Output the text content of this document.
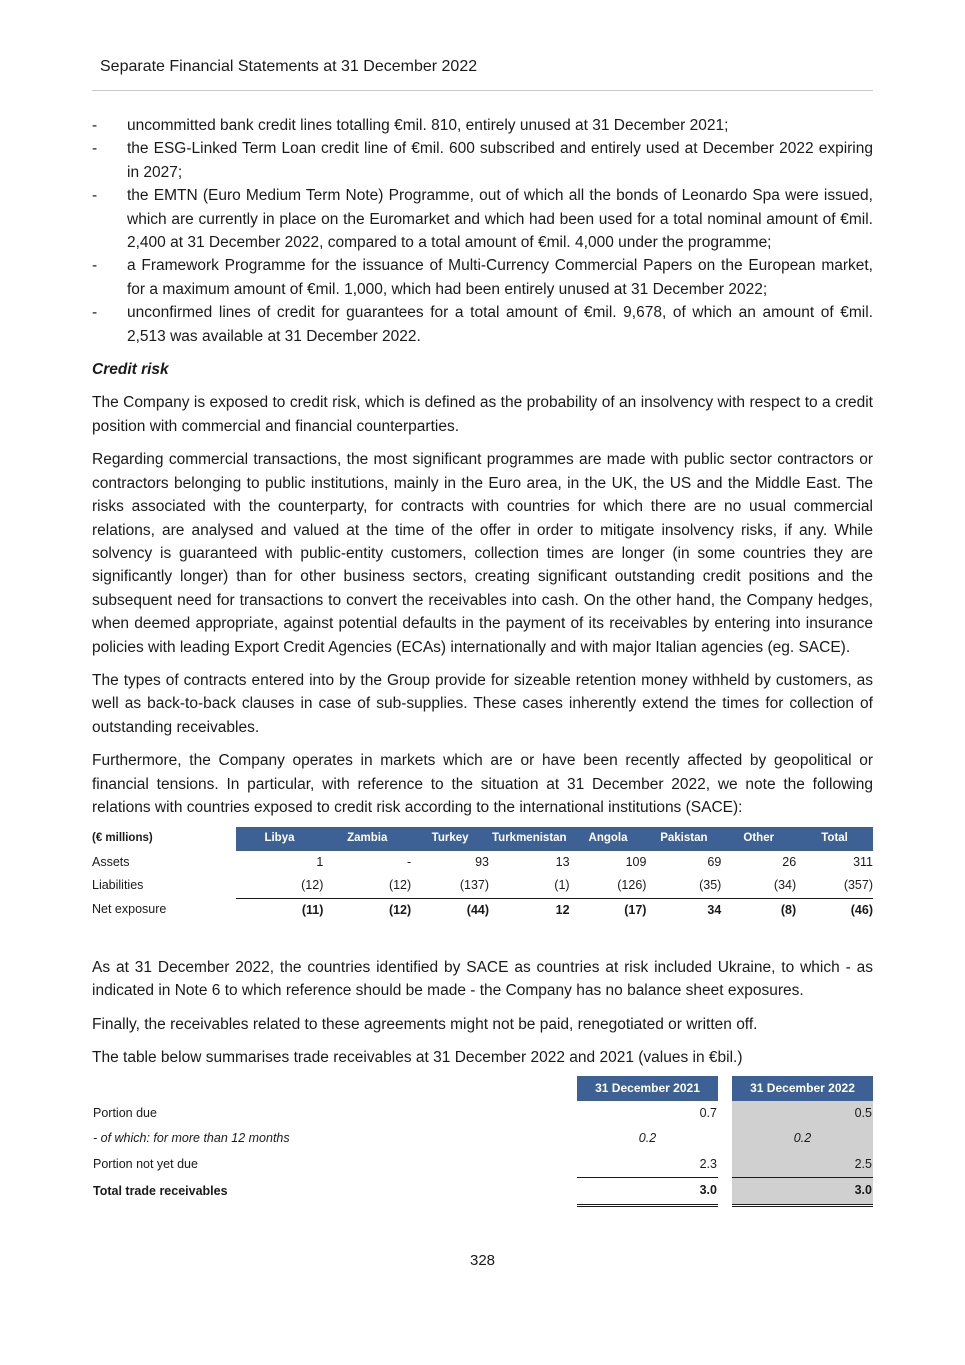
Separate Financial Statements at 31 December 2022
- uncommitted bank credit lines totalling €mil. 810, entirely unused at 31 December 2021;
- the ESG-Linked Term Loan credit line of €mil. 600 subscribed and entirely used at December 2022 expiring in 2027;
- the EMTN (Euro Medium Term Note) Programme, out of which all the bonds of Leonardo Spa were issued, which are currently in place on the Euromarket and which had been used for a total nominal amount of €mil. 2,400 at 31 December 2022, compared to a total amount of €mil. 4,000 under the programme;
- a Framework Programme for the issuance of Multi-Currency Commercial Papers on the European market, for a maximum amount of €mil. 1,000, which had been entirely unused at 31 December 2022;
- unconfirmed lines of credit for guarantees for a total amount of €mil. 9,678, of which an amount of €mil. 2,513 was available at 31 December 2022.
Credit risk

The Company is exposed to credit risk, which is defined as the probability of an insolvency with respect to a credit position with commercial and financial counterparties.

Regarding commercial transactions, the most significant programmes are made with public sector contractors or contractors belonging to public institutions, mainly in the Euro area, in the UK, the US and the Middle East. The risks associated with the counterparty, for contracts with countries for which there are no usual commercial relations, are analysed and valued at the time of the offer in order to mitigate insolvency risks, if any. While solvency is guaranteed with public-entity customers, collection times are longer (in some countries they are significantly longer) than for other business sectors, creating significant outstanding credit positions and the subsequent need for transactions to convert the receivables into cash. On the other hand, the Company hedges, when deemed appropriate, against potential defaults in the payment of its receivables by entering into insurance policies with leading Export Credit Agencies (ECAs) internationally and with major Italian agencies (eg. SACE).

The types of contracts entered into by the Group provide for sizeable retention money withheld by customers, as well as back-to-back clauses in case of sub-supplies. These cases inherently extend the times for collection of outstanding receivables.

Furthermore, the Company operates in markets which are or have been recently affected by geopolitical or financial tensions. In particular, with reference to the situation at 31 December 2022, we note the following relations with countries exposed to credit risk according to the international institutions (SACE):

(€ millions)	Libya	Zambia	Turkey	Turkmenistan	Angola	Pakistan	Other	Total
Assets	1	-	93	13	109	69	26	311
Liabilities	(12)	(12)	(137)	(1)	(126)	(35)	(34)	(357)
Net exposure	(11)	(12)	(44)	12	(17)	34	(8)	(46)

As at 31 December 2022, the countries identified by SACE as countries at risk included Ukraine, to which - as indicated in Note 6 to which reference should be made - the Company has no balance sheet exposures.

Finally, the receivables related to these agreements might not be paid, renegotiated or written off.

The table below summarises trade receivables at 31 December 2022 and 2021 (values in €bil.)

	31 December 2021		31 December 2022
Portion due	0.7		0.5
- of which: for more than 12 months	0.2		0.2
Portion not yet due	2.3		2.5
Total trade receivables	3.0		3.0
328
